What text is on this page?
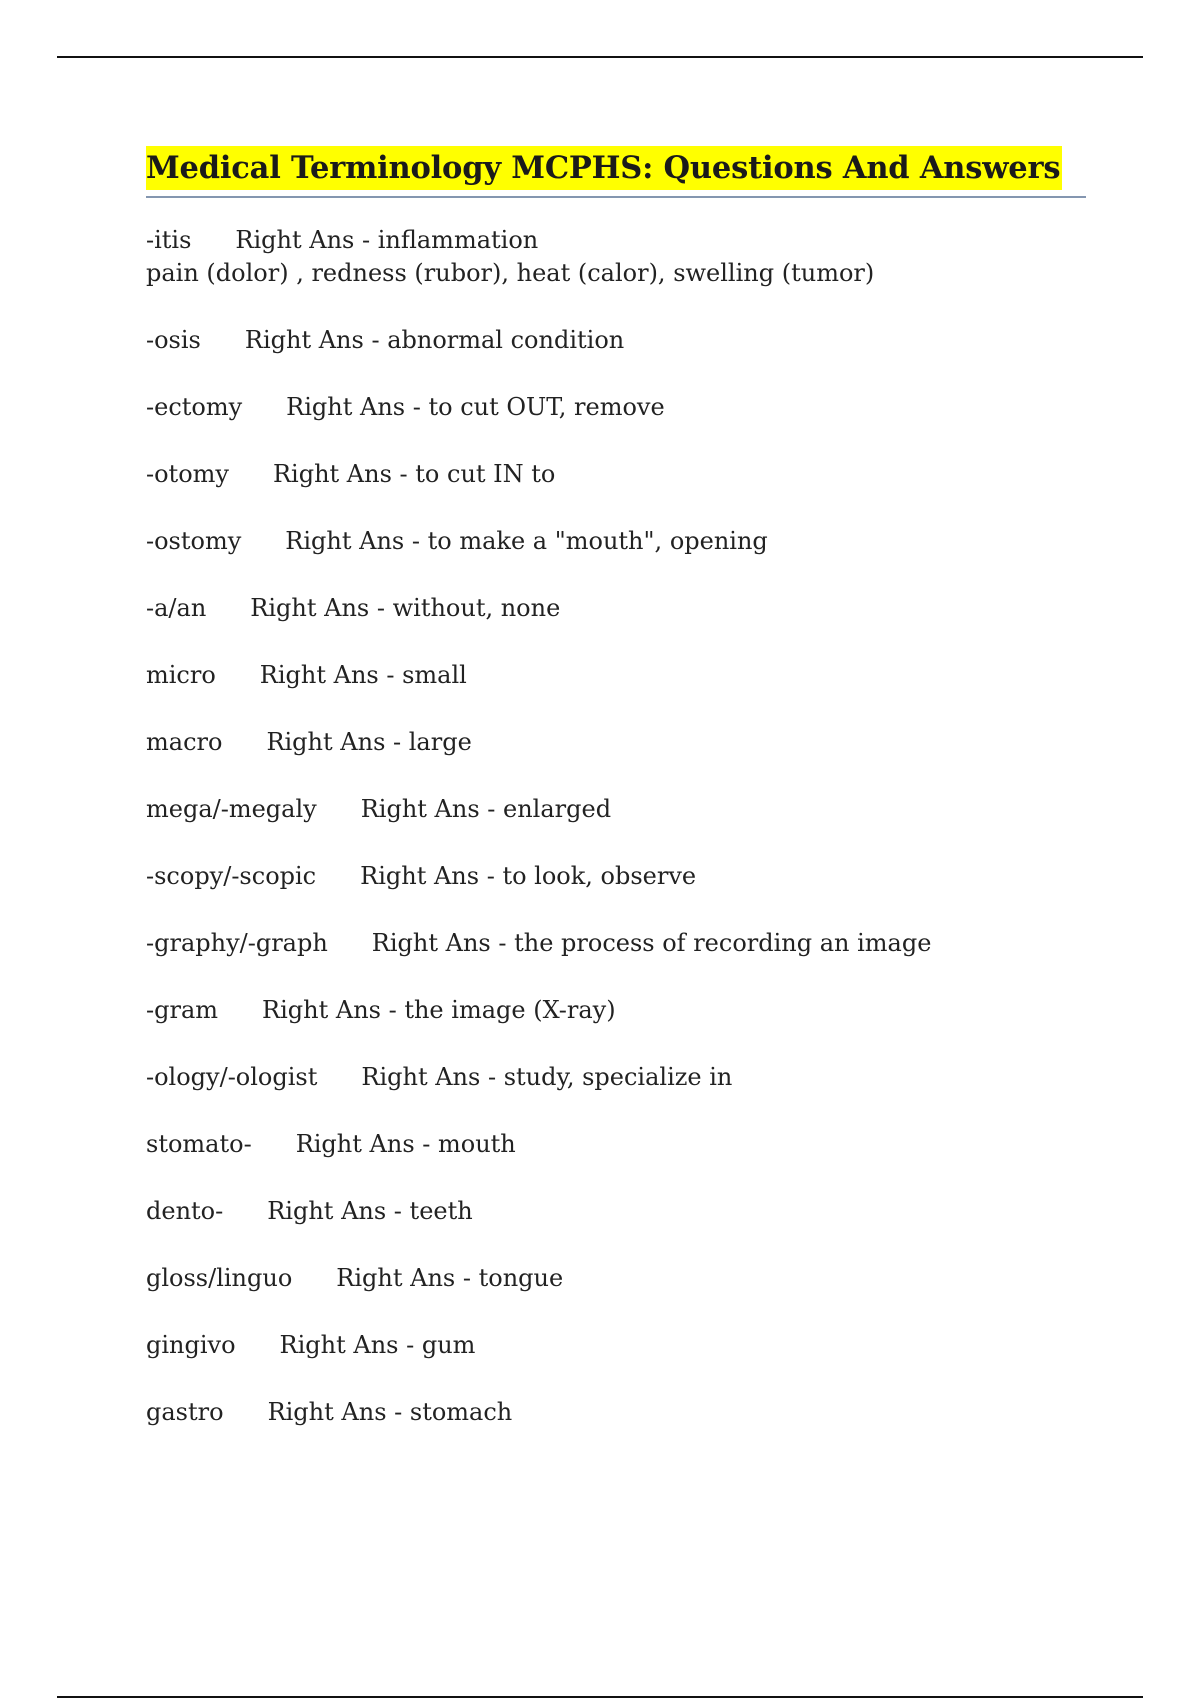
Medical Terminology MCPHS: Questions And Answers
-itis Right Ans - inflammation
pain (dolor) , redness (rubor), heat (calor), swelling (tumor)
-osis Right Ans - abnormal condition
-ectomy Right Ans - to cut OUT, remove
-otomy Right Ans - to cut IN to
-ostomy Right Ans - to make a "mouth", opening
-a/an Right Ans - without, none
micro Right Ans - small
macro Right Ans - large
mega/-megaly Right Ans - enlarged
-scopy/-scopic Right Ans - to look, observe
-graphy/-graph Right Ans - the process of recording an image
-gram Right Ans - the image (X-ray)
-ology/-ologist Right Ans - study, specialize in
stomato- Right Ans - mouth
dento- Right Ans - teeth
gloss/linguo Right Ans - tongue
gingivo Right Ans - gum
gastro Right Ans - stomach
